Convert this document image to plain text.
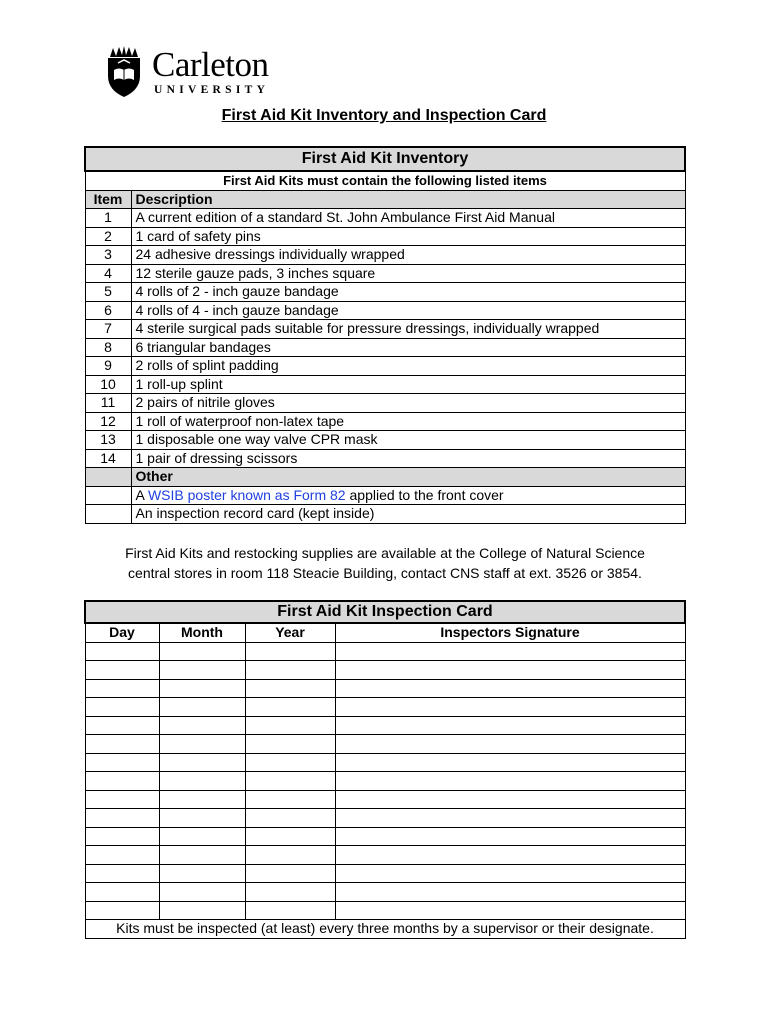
Carleton
UNIVERSITY
First Aid Kit Inventory and Inspection Card
First Aid Kit Inventory	
First Aid Kits must contain the following listed items	
Item	Description
1	A current edition of a standard St. John Ambulance First Aid Manual
2	1 card of safety pins
3	24 adhesive dressings individually wrapped
4	12 sterile gauze pads, 3 inches square
5	4 rolls of 2 - inch gauze bandage
6	4 rolls of 4 - inch gauze bandage
7	4 sterile surgical pads suitable for pressure dressings, individually wrapped
8	6 triangular bandages
9	2 rolls of splint padding
10	1 roll-up splint
11	2 pairs of nitrile gloves
12	1 roll of waterproof non-latex tape
13	1 disposable one way valve CPR mask
14	1 pair of dressing scissors
	Other
	A WSIB poster known as Form 82 applied to the front cover
	An inspection record card (kept inside)
First Aid Kits and restocking supplies are available at the College of Natural Science
central stores in room 118 Steacie Building, contact CNS staff at ext. 3526 or 3854.
First Aid Kit Inspection Card			
Day	Month	Year	Inspectors Signature

Kits must be inspected (at least) every three months by a supervisor or their designate.			
